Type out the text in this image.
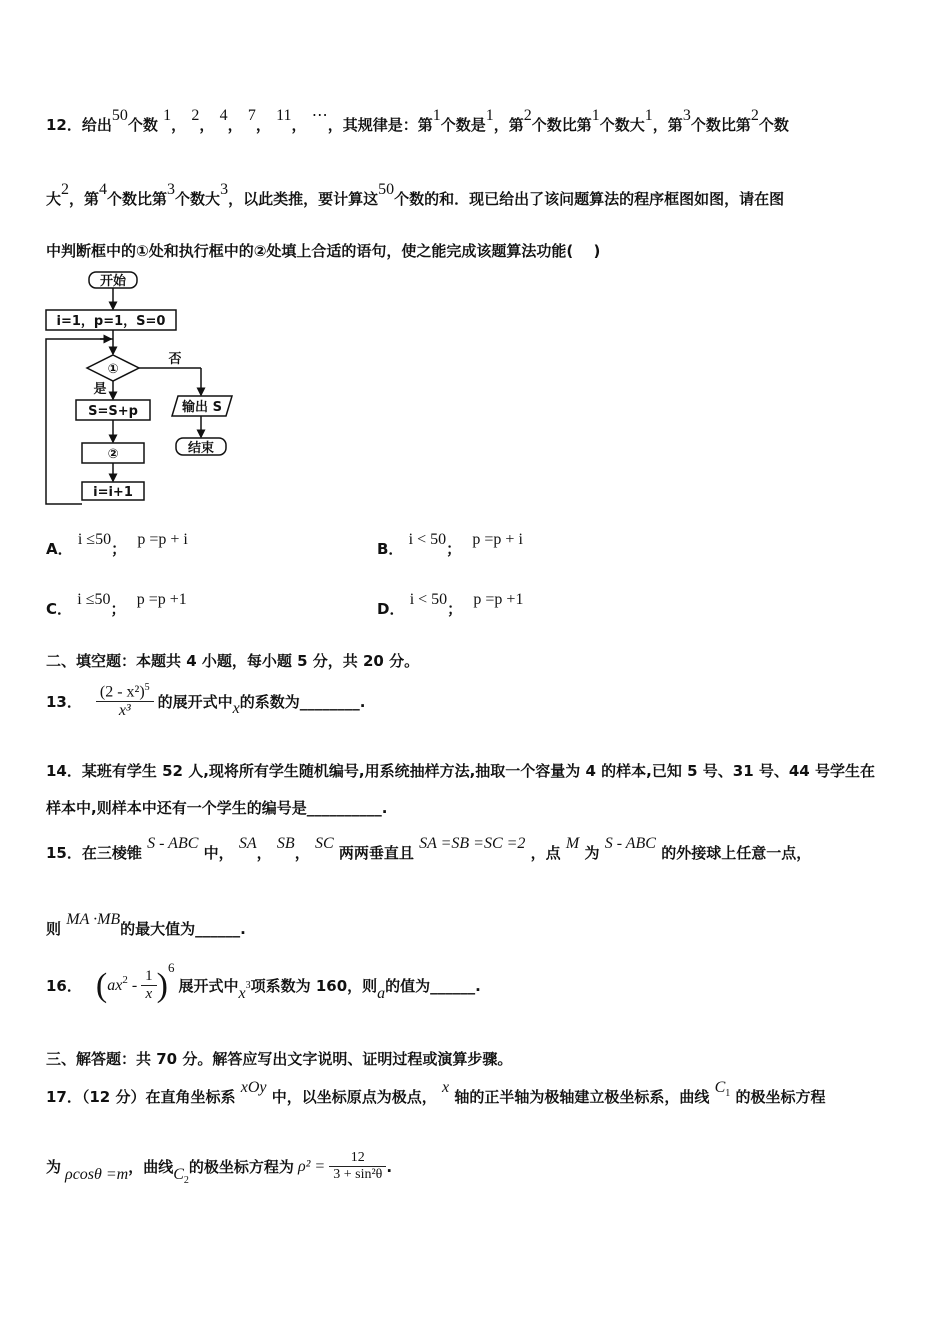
12．给出50个数 1， 2， 4， 7， 11， ⋯，其规律是：第1个数是1，第2个数比第1个数大1，第3个数比第2个数
大2，第4个数比第3个数大3，以此类推，要计算这50个数的和．现已给出了该问题算法的程序框图如图，请在图
中判断框中的①处和执行框中的②处填上合适的语句，使之能完成该题算法功能(　 )
开始
i=1，p=1，S=0
①
否
是
S=S+p
②
i=i+1
输出 S
结束
A． i ≤50； p =p + i
B． i < 50； p =p + i
C． i ≤50； p =p +1
D． i < 50； p =p +1
二、填空题：本题共 4 小题，每小题 5 分，共 20 分。
13． $\frac{(2 - x^2)^5}{\text{x³}}$ 的展开式中 x 的系数为________.
14．某班有学生 52 人,现将所有学生随机编号,用系统抽样方法,抽取一个容量为 4 的样本,已知 5 号、31 号、44 号学生在
样本中,则样本中还有一个学生的编号是__________.
15．在三棱锥 S - ABC 中， SA， SB， SC 两两垂直且 SA =SB =SC =2 ，点 M 为 S - ABC 的外接球上任意一点，
则 MA ·MB的最大值为______.
16． ( $ax^2 - \frac{1}{x} )^6$
展开式中 $x^3$ 项系数为 160，则 a 的值为______.
三、解答题：共 70 分。解答应写出文字说明、证明过程或演算步骤。
17．（12 分）在直角坐标系 xOy 中，以坐标原点为极点， x 轴的正半轴为极轴建立极坐标系，曲线 $C_1$ 的极坐标方程
为 ρcosθ =m ，曲线 $C_2$
的极坐标方程为 $\rho^2 = \frac{12}{\text{3 + sin²θ}}$ .
